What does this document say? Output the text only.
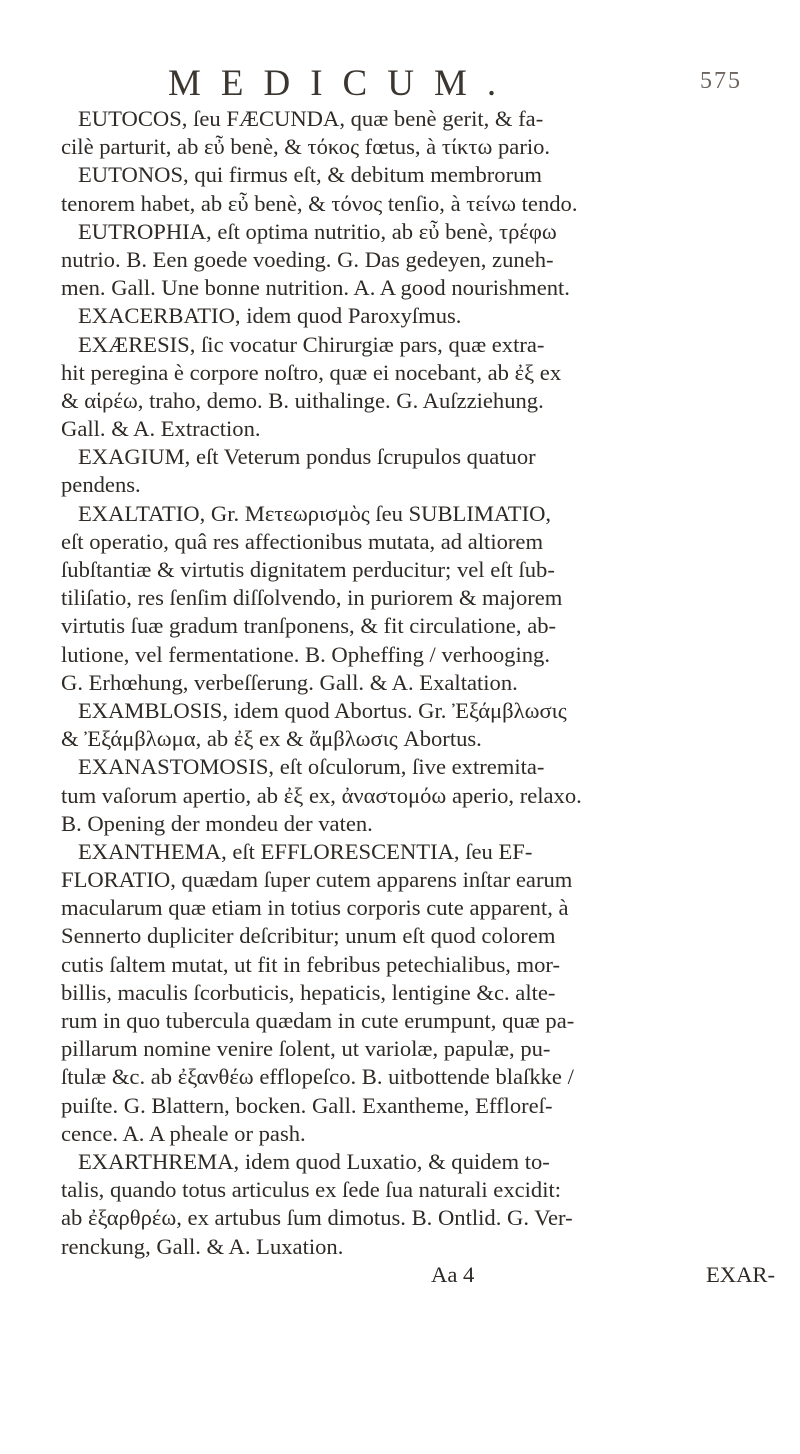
MEDICUM.	575
EUTOCOS, ſeu FÆCUNDA, quæ benè gerit, & fa-
cilè parturit, ab εὖ benè, & τόκος fœtus, à τίκτω pario.
EUTONOS, qui firmus eſt, & debitum membrorum
tenorem habet, ab εὖ benè, & τόνος tenſio, à τείνω tendo.
EUTROPHIA, eſt optima nutritio, ab εὖ benè, τρέφω
nutrio. B. Een goede voeding. G. Das gedeyen, zuneh-
men. Gall. Une bonne nutrition. A. A good nourishment.
EXACERBATIO, idem quod Paroxyſmus.
EXÆRESIS, ſic vocatur Chirurgiæ pars, quæ extra-
hit peregina è corpore noſtro, quæ ei nocebant, ab ἐξ ex
& αἱρέω, traho, demo. B. uithalinge. G. Auſzziehung.
Gall. & A. Extraction.
EXAGIUM, eſt Veterum pondus ſcrupulos quatuor
pendens.
EXALTATIO, Gr. Μετεωρισμὸς ſeu SUBLIMATIO,
eſt operatio, quâ res affectionibus mutata, ad altiorem
ſubſtantiæ & virtutis dignitatem perducitur; vel eſt ſub-
tiliſatio, res ſenſim diſſolvendo, in puriorem & majorem
virtutis ſuæ gradum tranſponens, & fit circulatione, ab-
lutione, vel fermentatione. B. Opheffing / verhooging.
G. Erhœhung, verbeſſerung. Gall. & A. Exaltation.
EXAMBLOSIS, idem quod Abortus. Gr. Ἐξάμβλωσις
& Ἐξάμβλωμα, ab ἐξ ex & ἄμβλωσις Abortus.
EXANASTOMOSIS, eſt oſculorum, ſive extremita-
tum vaſorum apertio, ab ἐξ ex, ἀναστομόω aperio, relaxo.
B. Opening der mondeu der vaten.
EXANTHEMA, eſt EFFLORESCENTIA, ſeu EF-
FLORATIO, quædam ſuper cutem apparens inſtar earum
macularum quæ etiam in totius corporis cute apparent, à
Sennerto dupliciter deſcribitur; unum eſt quod colorem
cutis ſaltem mutat, ut fit in febribus petechialibus, mor-
billis, maculis ſcorbuticis, hepaticis, lentigine &c. alte-
rum in quo tubercula quædam in cute erumpunt, quæ pa-
pillarum nomine venire ſolent, ut variolæ, papulæ, pu-
ſtulæ &c. ab ἐξανθέω efflореſco. B. uitbottende blaſkke /
puiſte. G. Blattern, bocken. Gall. Exantheme, Effloreſ-
cence. A. A pheale or pash.
EXARTHREMA, idem quod Luxatio, & quidem to-
talis, quando totus articulus ex ſede ſua naturali excidit:
ab ἐξαρθρέω, ex artubus ſum dimotus. B. Ontlid. G. Ver-
renckung, Gall. & A. Luxation.
Aa 4	EXAR-
